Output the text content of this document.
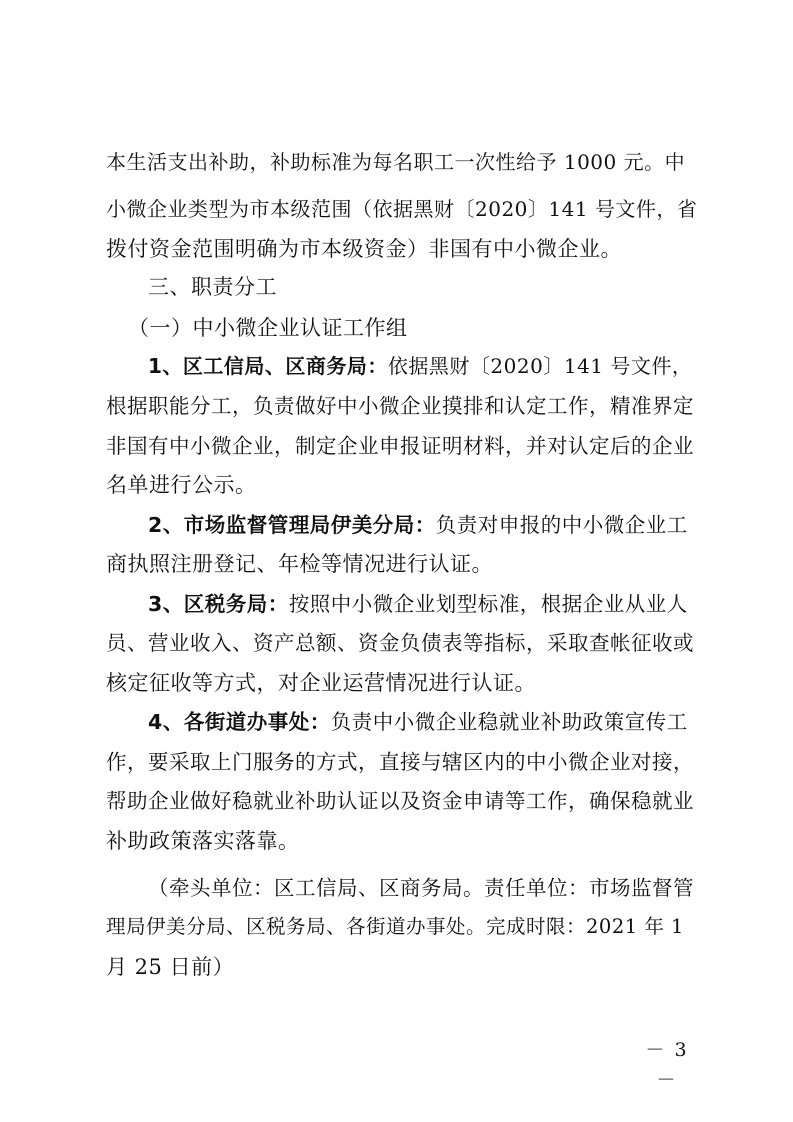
本生活支出补助，补助标准为每名职工一次性给予 1000 元。中
小微企业类型为市本级范围（依据黑财〔2020〕141 号文件，省
拨付资金范围明确为市本级资金）非国有中小微企业。
三、职责分工
（一）中小微企业认证工作组
1、区工信局、区商务局：依据黑财〔2020〕141 号文件，
根据职能分工，负责做好中小微企业摸排和认定工作，精准界定
非国有中小微企业，制定企业申报证明材料，并对认定后的企业
名单进行公示。
2、市场监督管理局伊美分局：负责对申报的中小微企业工
商执照注册登记、年检等情况进行认证。
3、区税务局：按照中小微企业划型标准，根据企业从业人
员、营业收入、资产总额、资金负债表等指标，采取查帐征收或
核定征收等方式，对企业运营情况进行认证。
4、各街道办事处：负责中小微企业稳就业补助政策宣传工
作，要采取上门服务的方式，直接与辖区内的中小微企业对接，
帮助企业做好稳就业补助认证以及资金申请等工作，确保稳就业
补助政策落实落靠。
（牵头单位：区工信局、区商务局。责任单位：市场监督管
理局伊美分局、区税务局、各街道办事处。完成时限：2021 年 1
月 25 日前）
－ 3 －
